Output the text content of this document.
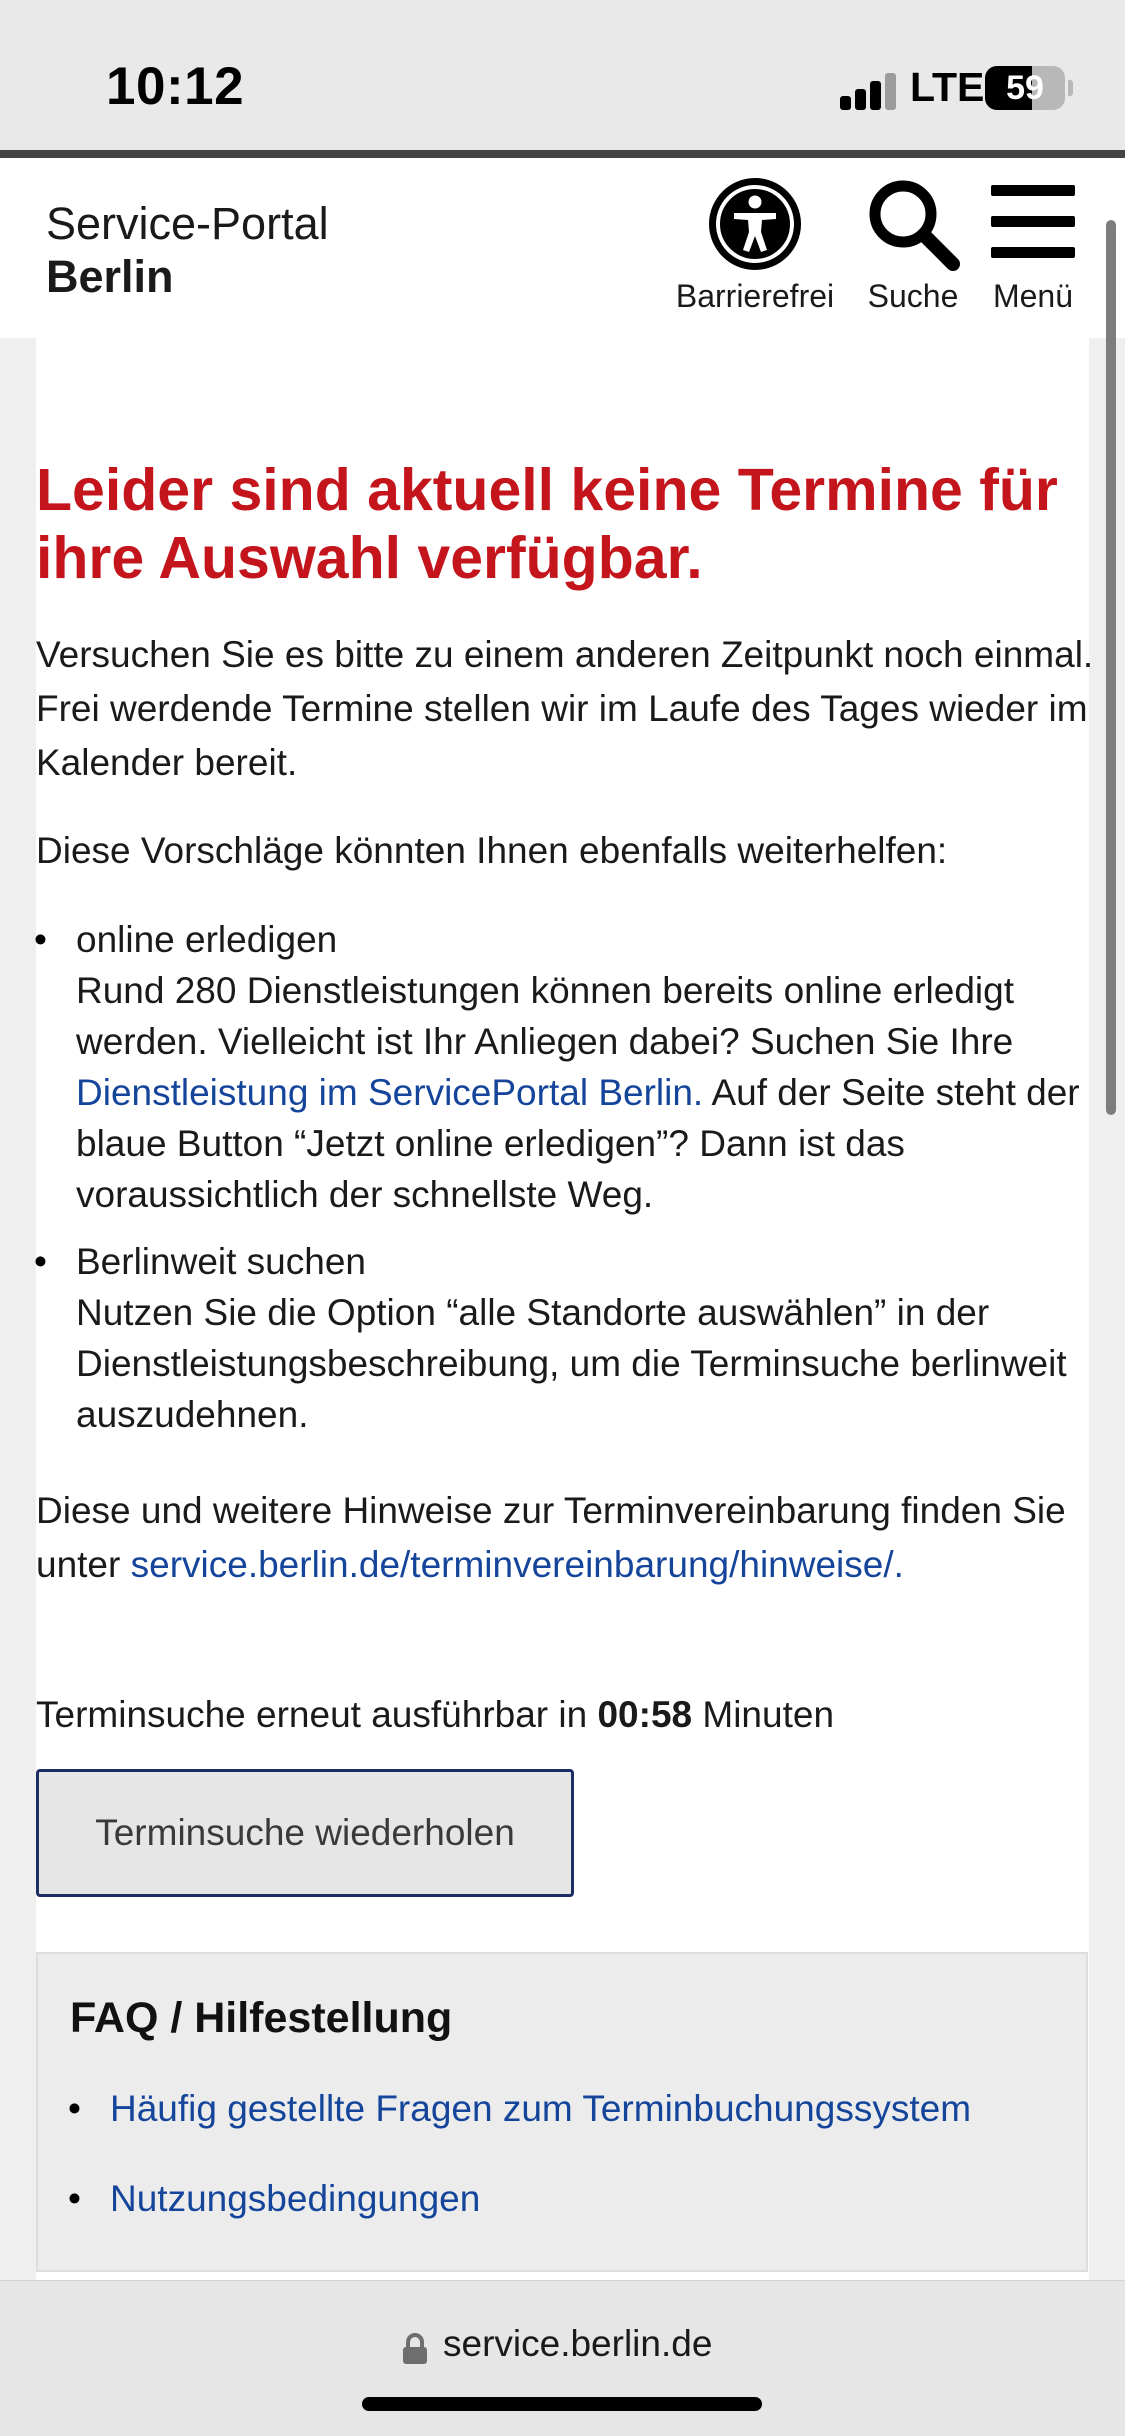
10:12	LTE 59
Service-Portal
Berlin	Barrierefrei	Suche	Menü
Leider sind aktuell keine Termine für ihre Auswahl verfügbar.

Versuchen Sie es bitte zu einem anderen Zeitpunkt noch einmal. Frei werdende Termine stellen wir im Laufe des Tages wieder im Kalender bereit.

Diese Vorschläge könnten Ihnen ebenfalls weiterhelfen:

• online erledigen
Rund 280 Dienstleistungen können bereits online erledigt werden. Vielleicht ist Ihr Anliegen dabei? Suchen Sie Ihre Dienstleistung im ServicePortal Berlin. Auf der Seite steht der blaue Button “Jetzt online erledigen”? Dann ist das voraussichtlich der schnellste Weg.
• Berlinweit suchen
Nutzen Sie die Option “alle Standorte auswählen” in der Dienstleistungsbeschreibung, um die Terminsuche berlinweit auszudehnen.

Diese und weitere Hinweise zur Terminvereinbarung finden Sie unter service.berlin.de/terminvereinbarung/hinweise/.

Terminsuche erneut ausführbar in 00:58 Minuten

Terminsuche wiederholen
FAQ / Hilfestellung
• Häufig gestellte Fragen zum Terminbuchungssystem
• Nutzungsbedingungen
service.berlin.de
